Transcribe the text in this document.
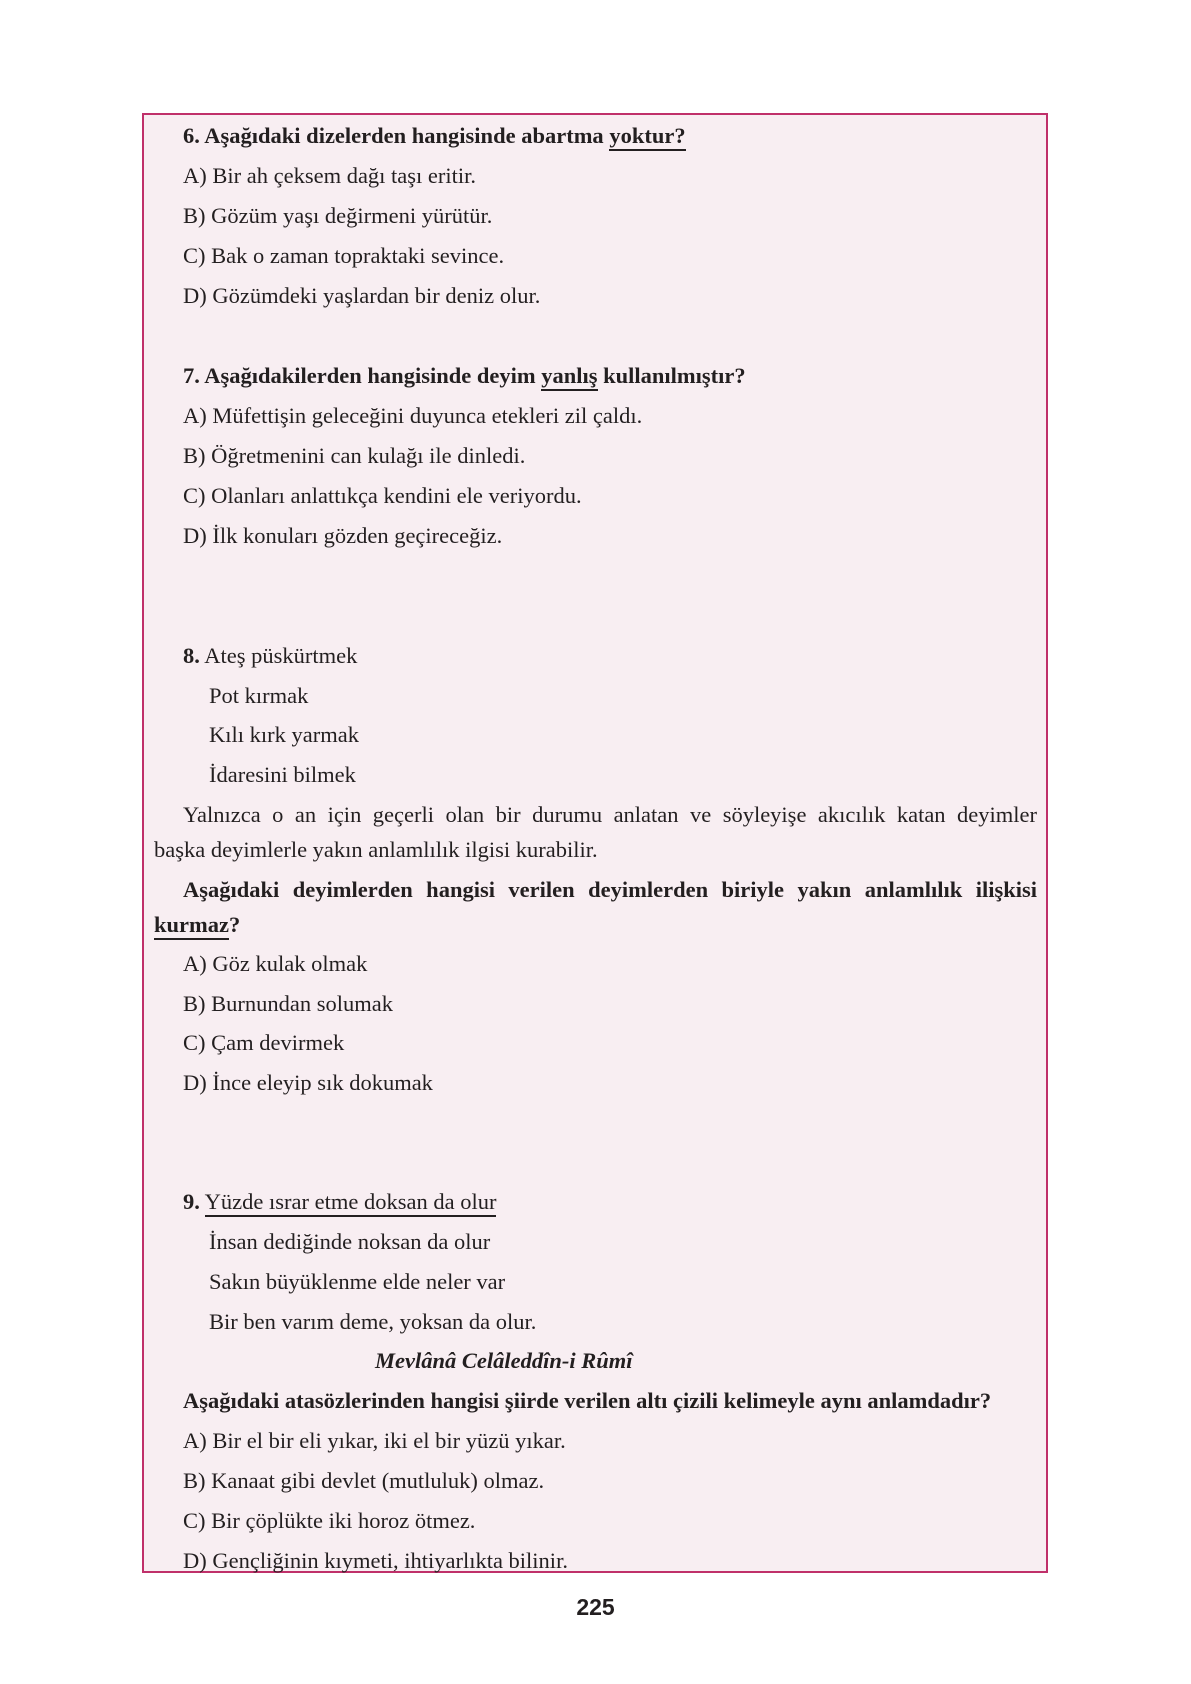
6. Aşağıdaki dizelerden hangisinde abartma yoktur?
A) Bir ah çeksem dağı taşı eritir.
B) Gözüm yaşı değirmeni yürütür.
C) Bak o zaman topraktaki sevince.
D) Gözümdeki yaşlardan bir deniz olur.
7. Aşağıdakilerden hangisinde deyim yanlış kullanılmıştır?
A) Müfettişin geleceğini duyunca etekleri zil çaldı.
B) Öğretmenini can kulağı ile dinledi.
C) Olanları anlattıkça kendini ele veriyordu.
D) İlk konuları gözden geçireceğiz.
8. Ateş püskürtmek
Pot kırmak
Kılı kırk yarmak
İdaresini bilmek
Yalnızca o an için geçerli olan bir durumu anlatan ve söyleyişe akıcılık katan deyimler
başka deyimlerle yakın anlamlılık ilgisi kurabilir.
Aşağıdaki deyimlerden hangisi verilen deyimlerden biriyle yakın anlamlılık ilişkisi
kurmaz?
A) Göz kulak olmak
B) Burnundan solumak
C) Çam devirmek
D) İnce eleyip sık dokumak
9. Yüzde ısrar etme doksan da olur
İnsan dediğinde noksan da olur
Sakın büyüklenme elde neler var
Bir ben varım deme, yoksan da olur.
Mevlânâ Celâleddîn-i Rûmî
Aşağıdaki atasözlerinden hangisi şiirde verilen altı çizili kelimeyle aynı anlamdadır?
A) Bir el bir eli yıkar, iki el bir yüzü yıkar.
B) Kanaat gibi devlet (mutluluk) olmaz.
C) Bir çöplükte iki horoz ötmez.
D) Gençliğinin kıymeti, ihtiyarlıkta bilinir.
225
